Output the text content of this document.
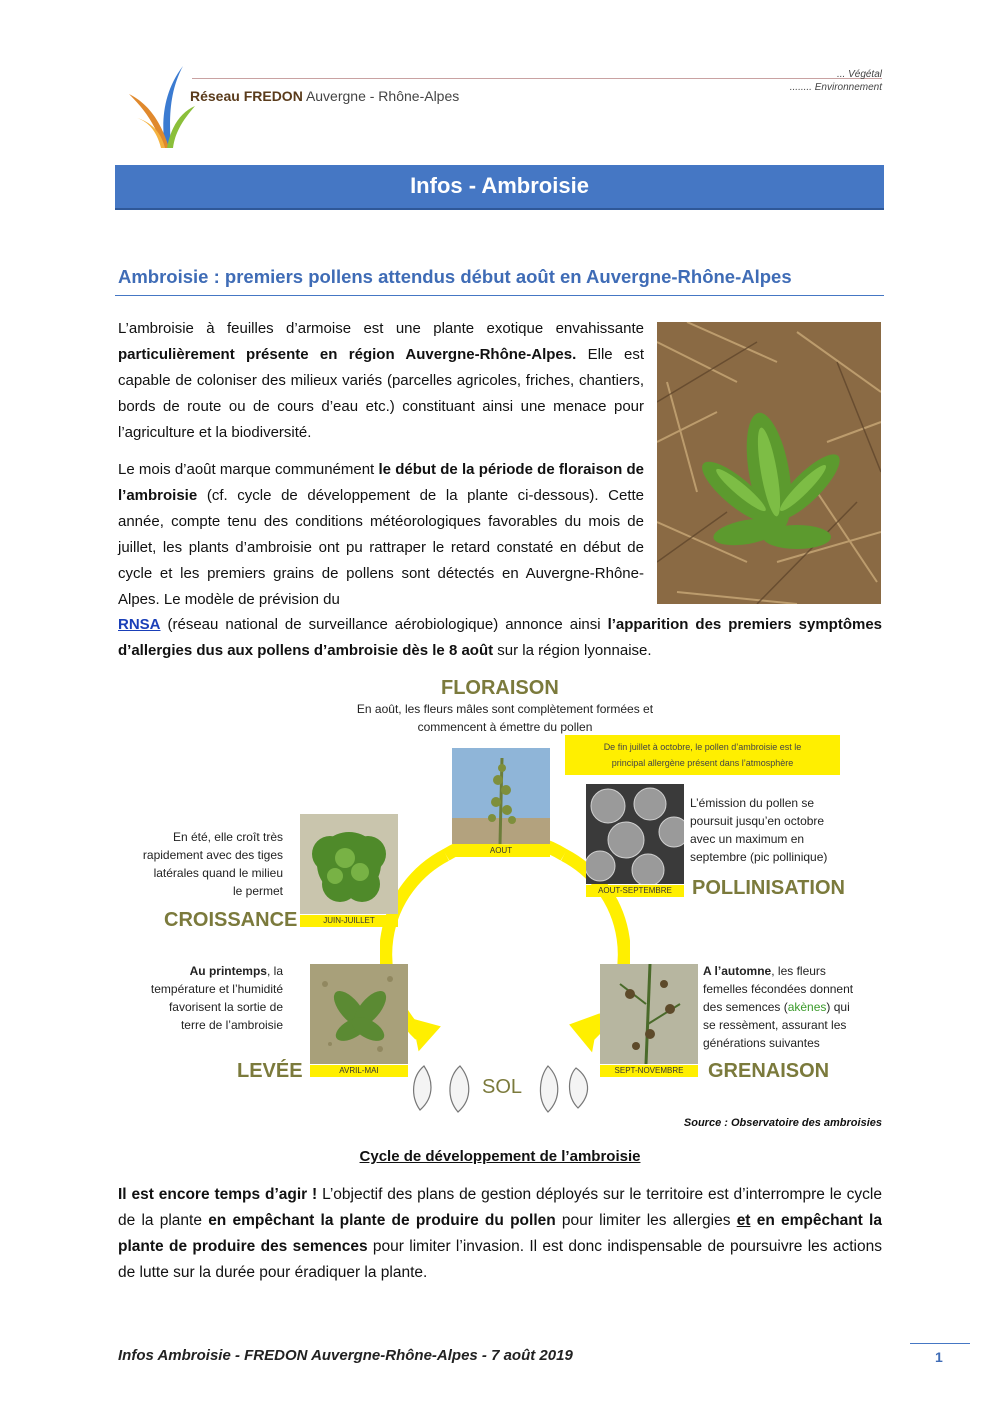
Réseau FREDON Auvergne - Rhône-Alpes
... Végétal
........ Environnement
Infos - Ambroisie
Ambroisie : premiers pollens attendus début août en Auvergne-Rhône-Alpes
L’ambroisie à feuilles d’armoise est une plante exotique envahissante particulièrement présente en région Auvergne-Rhône-Alpes. Elle est capable de coloniser des milieux variés (parcelles agricoles, friches, chantiers, bords de route ou de cours d’eau etc.) constituant ainsi une menace pour l’agriculture et la biodiversité.
Le mois d’août marque communément le début de la période de floraison de l’ambroisie (cf. cycle de développement de la plante ci-dessous). Cette année, compte tenu des conditions météorologiques favorables du mois de juillet, les plants d’ambroisie ont pu rattraper le retard constaté en début de cycle et les premiers grains de pollens sont détectés en Auvergne-Rhône-Alpes. Le modèle de prévision du
RNSA (réseau national de surveillance aérobiologique) annonce ainsi l’apparition des premiers symptômes d’allergies dus aux pollens d’ambroisie dès le 8 août sur la région lyonnaise.
FLORAISON
En août, les fleurs mâles sont complètement formées et
commencent à émettre du pollen
De fin juillet à octobre, le pollen d’ambroisie est le
principal allergène présent dans l’atmosphère
AOUT
AOUT-SEPTEMBRE
L’émission du pollen se
poursuit jusqu’en octobre
avec un maximum en
septembre (pic pollinique)
POLLINISATION
JUIN-JUILLET
En été, elle croît très
rapidement avec des tiges
latérales quand le milieu
le permet
CROISSANCE
AVRIL-MAI
Au printemps, la
température et l’humidité
favorisent la sortie de
terre de l’ambroisie
LEVÉE	SEPT-NOVEMBRE
A l’automne, les fleurs
femelles fécondées donnent
des semences (akènes) qui
se ressèment, assurant les
générations suivantes
GRENAISON
SOL
Source : Observatoire des ambroisies
Cycle de développement de l’ambroisie
Il est encore temps d’agir ! L’objectif des plans de gestion déployés sur le territoire est d’interrompre le cycle de la plante en empêchant la plante de produire du pollen pour limiter les allergies et en empêchant la plante de produire des semences pour limiter l’invasion. Il est donc indispensable de poursuivre les actions de lutte sur la durée pour éradiquer la plante.
Infos Ambroisie - FREDON Auvergne-Rhône-Alpes - 7 août 2019	1
